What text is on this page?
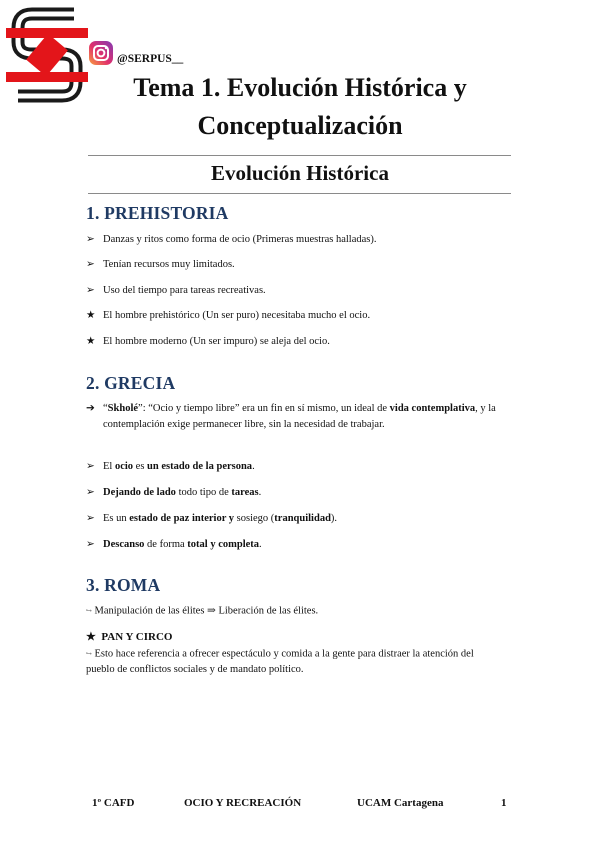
@SERPUS__
Tema 1. Evolución Histórica y
Conceptualización
Evolución Histórica
1. PREHISTORIA
➢ Danzas y ritos como forma de ocio (Primeras muestras halladas).
➢ Tenían recursos muy limitados.
➢ Uso del tiempo para tareas recreativas.
★ El hombre prehistórico (Un ser puro) necesitaba mucho el ocio.
★ El hombre moderno (Un ser impuro) se aleja del ocio.
2. GRECIA
➔ “Skholé”: “Ocio y tiempo libre” era un fin en sí mismo, un ideal de vida contemplativa, y la contemplación exige permanecer libre, sin la necesidad de trabajar.
➢ El ocio es un estado de la persona.
➢ Dejando de lado todo tipo de tareas.
➢ Es un estado de paz interior y sosiego (tranquilidad).
➢ Descanso de forma total y completa.
3. ROMA
↪ Manipulación de las élites ⇒ Liberación de las élites.
★ PAN Y CIRCO
↪ Esto hace referencia a ofrecer espectáculo y comida a la gente para distraer la atención del pueblo de conflictos sociales y de mandato político.
1º CAFD	OCIO Y RECREACIÓN	UCAM Cartagena	1
